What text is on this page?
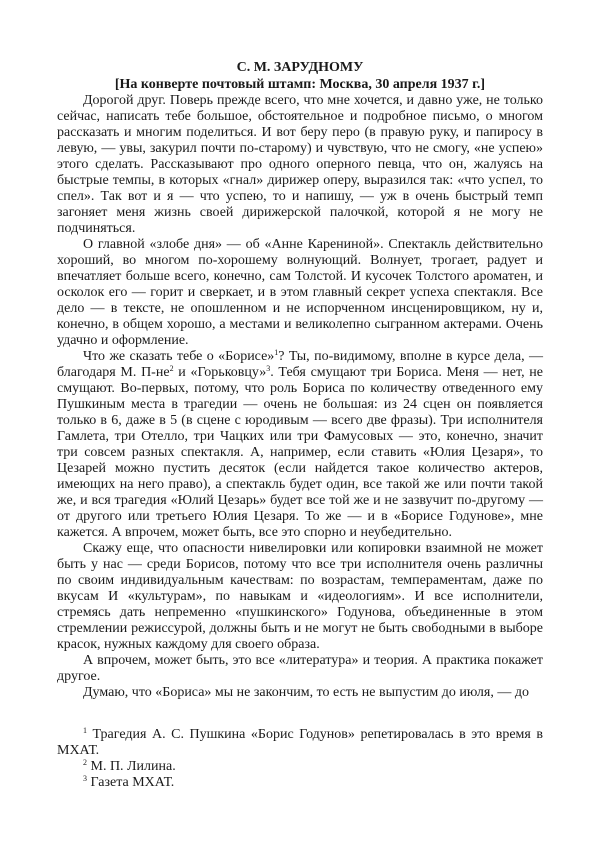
С. М. ЗАРУДНОМУ

[На конверте почтовый штамп: Москва, 30 апреля 1937 г.]

Дорогой друг. Поверь прежде всего, что мне хочется, и давно уже, не только сейчас, написать тебе большое, обстоятельное и подробное письмо, о многом рассказать и многим поделиться. И вот беру перо (в правую руку, и папиросу в левую, — увы, закурил почти по-старому) и чувствую, что не смогу, «не успею» этого сделать. Рассказывают про одного оперного певца, что он, жалуясь на быстрые темпы, в которых «гнал» дирижер оперу, выразился так: «что успел, то спел». Так вот и я — что успею, то и напишу, — уж в очень быстрый темп загоняет меня жизнь своей дирижерской палочкой, которой я не могу не подчиняться.

О главной «злобе дня» — об «Анне Карениной». Спектакль действительно хороший, во многом по-хорошему волнующий. Волнует, трогает, радует и впечатляет больше всего, конечно, сам Толстой. И кусочек Толстого ароматен, и осколок его — горит и сверкает, и в этом главный секрет успеха спектакля. Все дело — в тексте, не опошленном и не испорченном инсценировщиком, ну и, конечно, в общем хорошо, а местами и великолепно сыгранном актерами. Очень удачно и оформление.

Что же сказать тебе о «Борисе»$^1$? Ты, по-видимому, вполне в курсе дела, — благодаря М. $П-не^2$ и «Горьковцу»$^3$. Тебя смущают три Бориса. Меня — нет, не смущают. Во-первых, потому, что роль Бориса по количеству отведенного ему Пушкиным места в трагедии — очень не большая: из 24 сцен он появляется только в 6, даже в 5 (в сцене с юродивым — всего две фразы). Три исполнителя Гамлета, три Отелло, три Чацких или три Фамусовых — это, конечно, значит три совсем разных спектакля. А, например, если ставить «Юлия Цезаря», то Цезарей можно пустить десяток (если найдется такое количество актеров, имеющих на него право), а спектакль будет один, все такой же или почти такой же, и вся трагедия «Юлий Цезарь» будет все той же и не зазвучит по-другому — от другого или третьего Юлия Цезаря. То же — и в «Борисе Годунове», мне кажется. А впрочем, может быть, все это спорно и неубедительно.

Скажу еще, что опасности нивелировки или копировки взаимной не может быть у нас — среди Борисов, потому что все три исполнителя очень различны по своим индивидуальным качествам: по возрастам, темпераментам, даже по вкусам И «культурам», по навыкам и «идеологиям». И все исполнители, стремясь дать непременно «пушкинского» Годунова, объединенные в этом стремлении режиссурой, должны быть и не могут не быть свободными в выборе красок, нужных каждому для своего образа.

А впрочем, может быть, это все «литература» и теория. А практика покажет другое.

Думаю, что «Бориса» мы не закончим, то есть не выпустим до июля, — до

$^1$ Трагедия А. С. Пушкина «Борис Годунов» репетировалась в это время в МХАТ.

$^2$ М. П. Лилина.

$^3$ Газета МХАТ.
